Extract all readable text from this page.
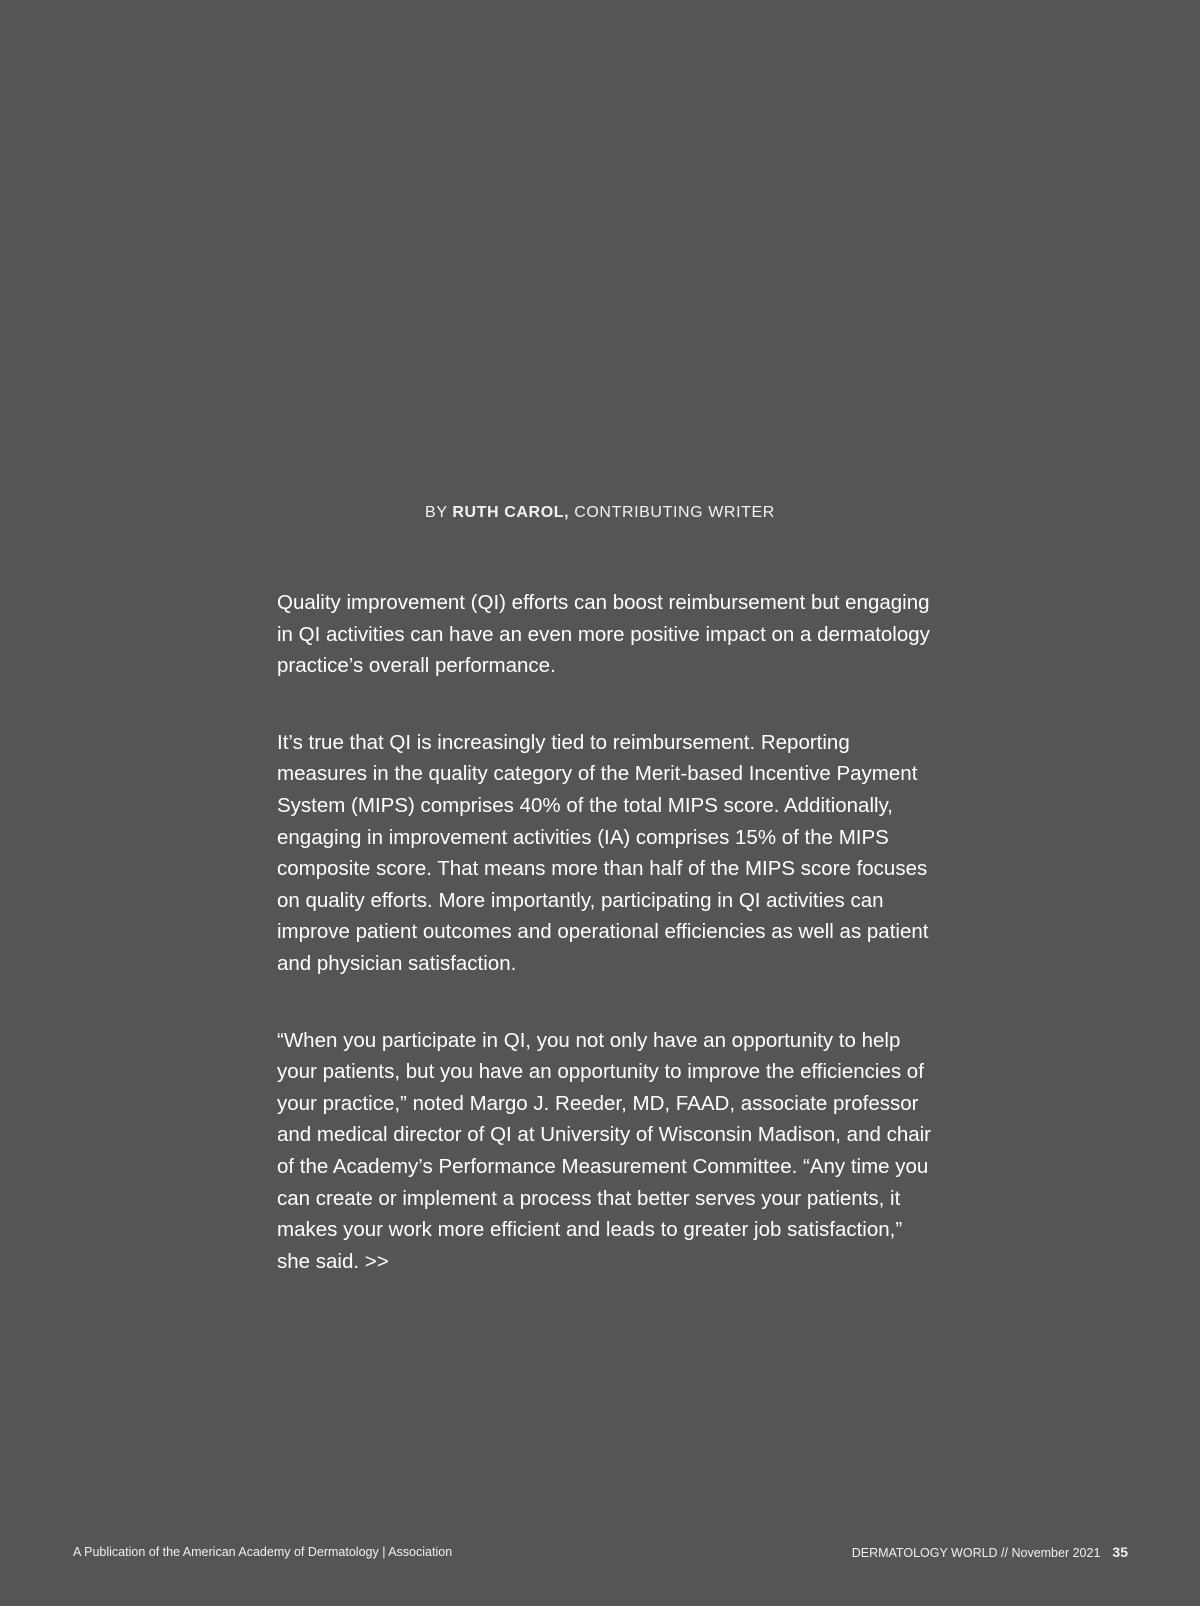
BY RUTH CAROL, CONTRIBUTING WRITER

Quality improvement (QI) efforts can boost reimbursement but engaging in QI activities can have an even more positive impact on a dermatology practice’s overall performance.

It’s true that QI is increasingly tied to reimbursement. Reporting measures in the quality category of the Merit-based Incentive Payment System (MIPS) comprises 40% of the total MIPS score. Additionally, engaging in improvement activities (IA) comprises 15% of the MIPS composite score. That means more than half of the MIPS score focuses on quality efforts. More importantly, participating in QI activities can improve patient outcomes and operational efficiencies as well as patient and physician satisfaction.

“When you participate in QI, you not only have an opportunity to help your patients, but you have an opportunity to improve the efficiencies of your practice,” noted Margo J. Reeder, MD, FAAD, associate professor and medical director of QI at University of Wisconsin Madison, and chair of the Academy’s Performance Measurement Committee. “Any time you can create or implement a process that better serves your patients, it makes your work more efficient and leads to greater job satisfaction,” she said. >>

A Publication of the American Academy of Dermatology | Association	DERMATOLOGY WORLD // November 2021 35
